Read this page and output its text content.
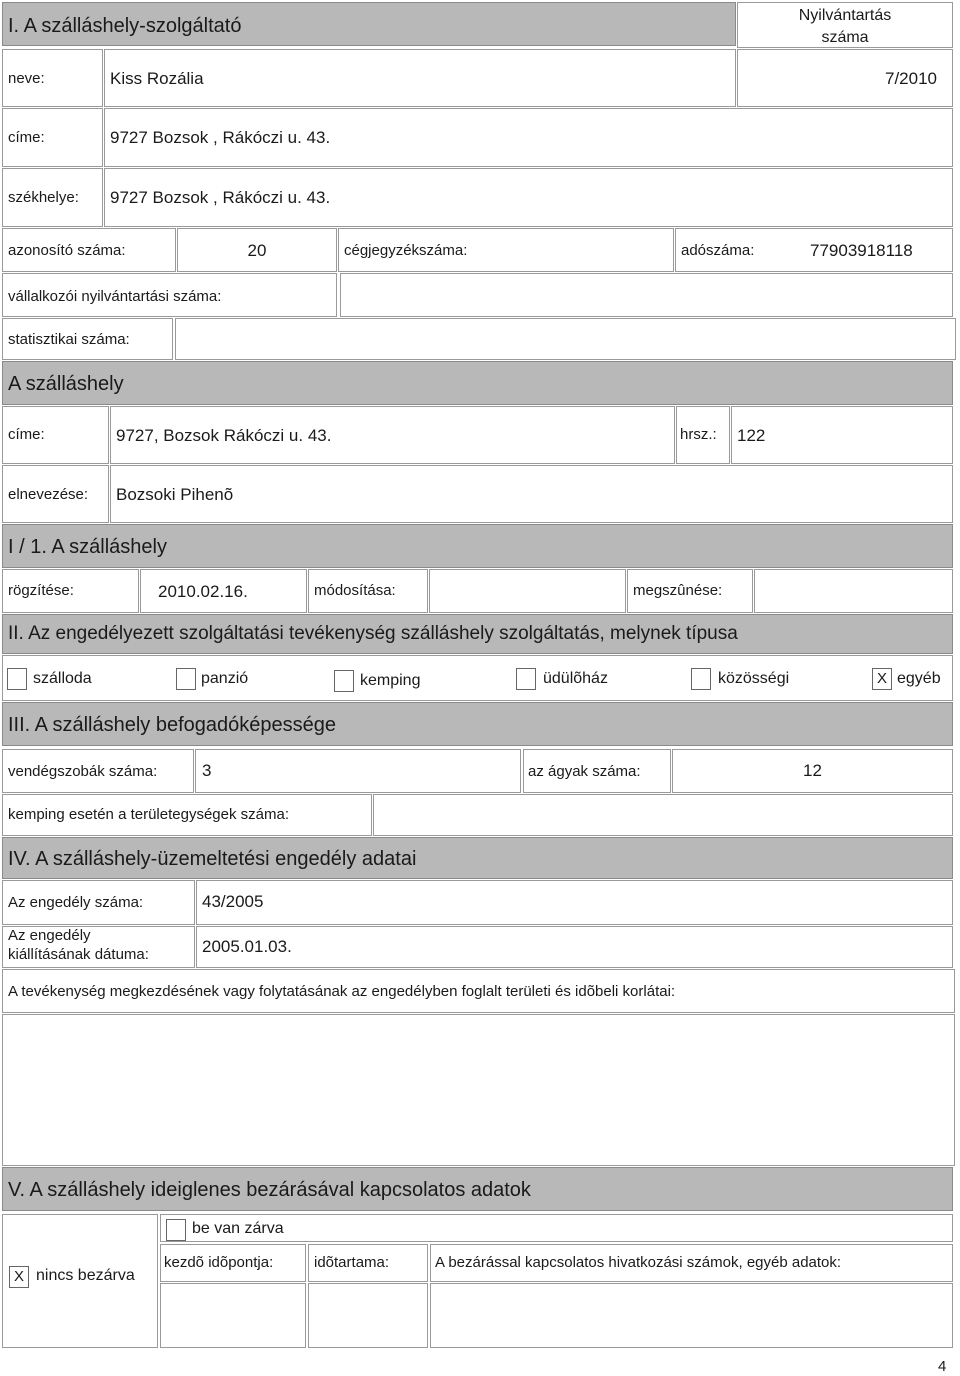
I. A szálláshely-szolgáltató	Nyilvántartás
száma
neve:	Kiss Rozália	7/2010
címe:	9727 Bozsok , Rákóczi u. 43.
székhelye: 9727 Bozsok , Rákóczi u. 43.
azonosító száma:	20	cégjegyzékszáma:	adószáma:	77903918118
vállalkozói nyilvántartási száma:
statisztikai száma:
A szálláshely
címe:	9727, Bozsok Rákóczi u. 43.	hrsz.: 122
elnevezése: Bozsoki Pihenõ
I / 1. A szálláshely
rögzítése:	2010.02.16.	módosítása:	megszûnése:
II. Az engedélyezett szolgáltatási tevékenység szálláshely szolgáltatás, melynek típusa
szálloda	panzió	kemping	üdülõház	közösségi	X egyéb
III. A szálláshely befogadóképessége
vendégszobák száma:	3	az ágyak száma:	12
kemping esetén a területegységek száma:
IV. A szálláshely-üzemeltetési engedély adatai
Az engedély száma:	43/2005
Az engedély
kiállításának dátuma:	2005.01.03.
A tevékenység megkezdésének vagy folytatásának az engedélyben foglalt területi és idõbeli korlátai:
V. A szálláshely ideiglenes bezárásával kapcsolatos adatok
X nincs bezárva
be van zárva
kezdõ idõpontja:	idõtartama:	A bezárással kapcsolatos hivatkozási számok, egyéb adatok:
4
